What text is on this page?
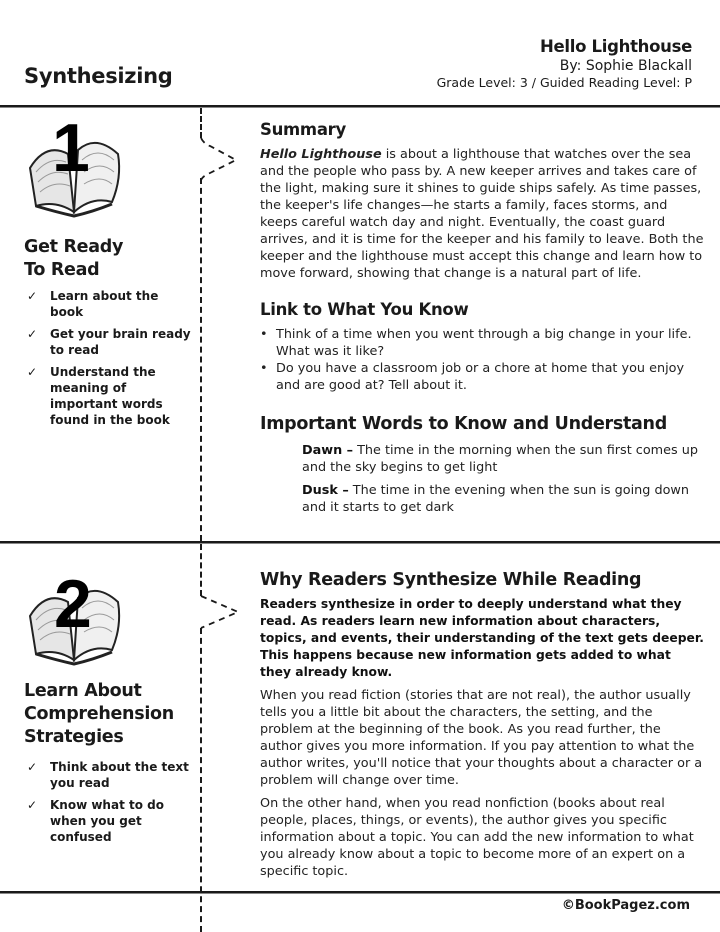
Synthesizing
Hello Lighthouse
By: Sophie Blackall
Grade Level: 3 / Guided Reading Level: P
1
Get Ready
To Read
✓ Learn about the book
✓ Get your brain ready to read
✓ Understand the meaning of important words found in the book
Summary

Hello Lighthouse is about a lighthouse that watches over the sea and the people who pass by. A new keeper arrives and takes care of the light, making sure it shines to guide ships safely. As time passes, the keeper's life changes—he starts a family, faces storms, and keeps careful watch day and night. Eventually, the coast guard arrives, and it is time for the keeper and his family to leave. Both the keeper and the lighthouse must accept this change and learn how to move forward, showing that change is a natural part of life.

Link to What You Know
• Think of a time when you went through a big change in your life. What was it like?
• Do you have a classroom job or a chore at home that you enjoy and are good at? Tell about it.
Important Words to Know and Understand
Dawn – The time in the morning when the sun first comes up and the sky begins to get light
Dusk – The time in the evening when the sun is going down and it starts to get dark
2
Learn About
Comprehension
Strategies
✓ Think about the text you read
✓ Know what to do when you get confused
Why Readers Synthesize While Reading

Readers synthesize in order to deeply understand what they read. As readers learn new information about characters, topics, and events, their understanding of the text gets deeper. This happens because new information gets added to what they already know.

When you read fiction (stories that are not real), the author usually tells you a little bit about the characters, the setting, and the problem at the beginning of the book. As you read further, the author gives you more information. If you pay attention to what the author writes, you'll notice that your thoughts about a character or a problem will change over time.

On the other hand, when you read nonfiction (books about real people, places, things, or events), the author gives you specific information about a topic. You can add the new information to what you already know about a topic to become more of an expert on a specific topic.

©BookPagez.com
